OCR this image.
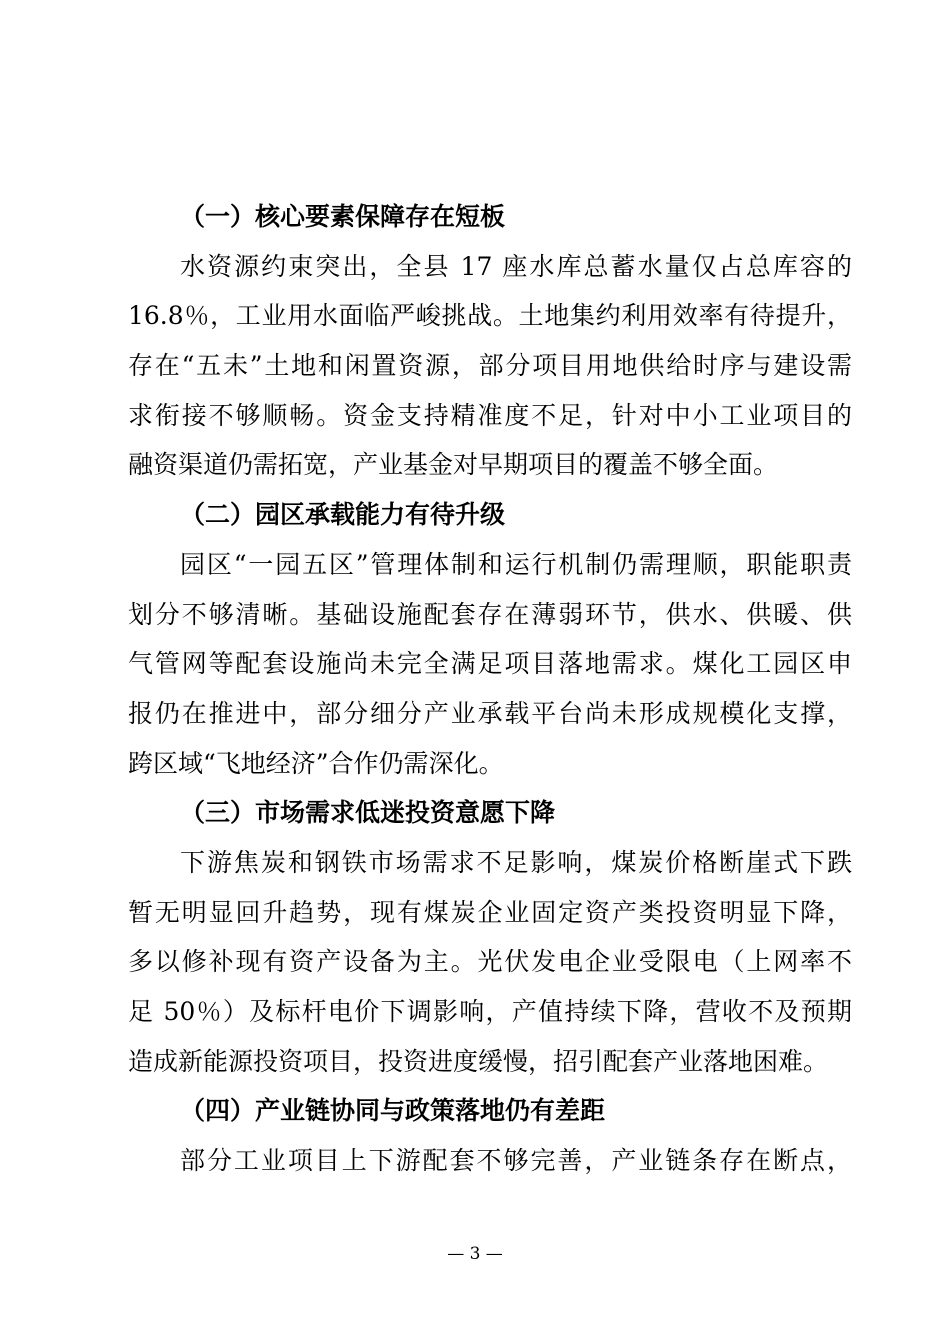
（一）核心要素保障存在短板
水资源约束突出，全县 17 座水库总蓄水量仅占总库容的
16.8％，工业用水面临严峻挑战。土地集约利用效率有待提升，
存在“五未”土地和闲置资源，部分项目用地供给时序与建设需
求衔接不够顺畅。资金支持精准度不足，针对中小工业项目的
融资渠道仍需拓宽，产业基金对早期项目的覆盖不够全面。
（二）园区承载能力有待升级
园区“一园五区”管理体制和运行机制仍需理顺，职能职责
划分不够清晰。基础设施配套存在薄弱环节，供水、供暖、供
气管网等配套设施尚未完全满足项目落地需求。煤化工园区申
报仍在推进中，部分细分产业承载平台尚未形成规模化支撑，
跨区域“飞地经济”合作仍需深化。
（三）市场需求低迷投资意愿下降
下游焦炭和钢铁市场需求不足影响，煤炭价格断崖式下跌
暂无明显回升趋势，现有煤炭企业固定资产类投资明显下降，
多以修补现有资产设备为主。光伏发电企业受限电（上网率不
足 50％）及标杆电价下调影响，产值持续下降，营收不及预期
造成新能源投资项目，投资进度缓慢，招引配套产业落地困难。
（四）产业链协同与政策落地仍有差距
部分工业项目上下游配套不够完善，产业链条存在断点，
— 3 —
